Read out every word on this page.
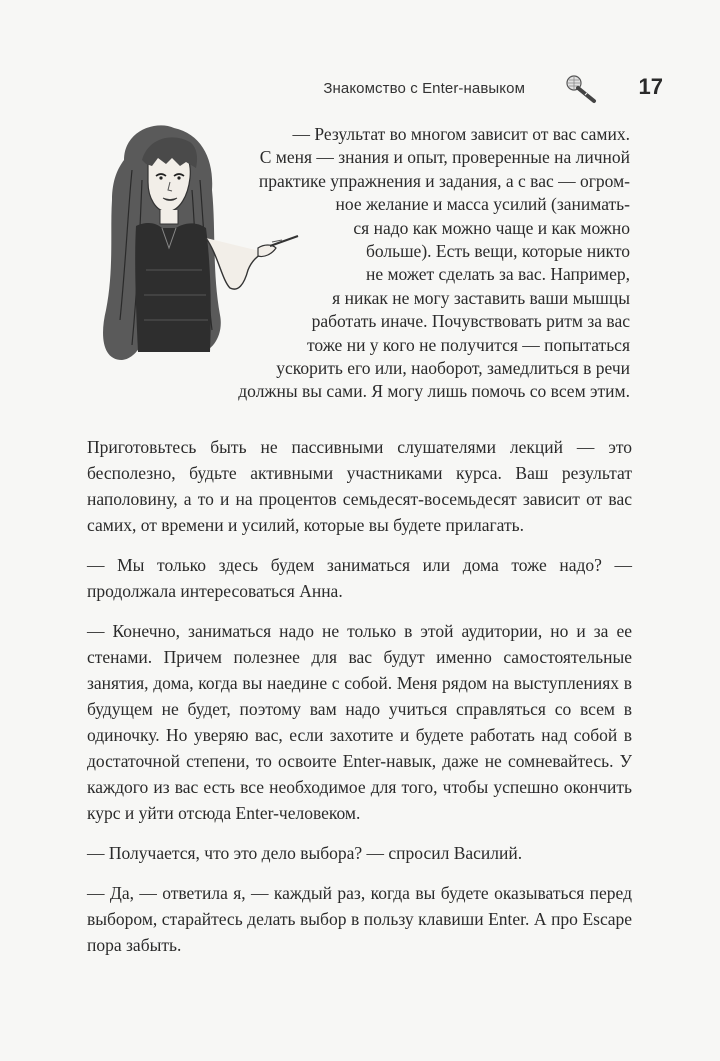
Знакомство с Enter-навыком	17
— Результат во многом зависит от вас самих.
С меня — знания и опыт, проверенные на личной
практике упражнения и задания, а с вас — огром-
ное желание и масса усилий (занимать-
ся надо как можно чаще и как можно
больше). Есть вещи, которые никто
не может сделать за вас. Например,
я никак не могу заставить ваши мышцы
работать иначе. Почувствовать ритм за вас
тоже ни у кого не получится — попытаться
ускорить его или, наоборот, замедлиться в речи
должны вы сами. Я могу лишь помочь со всем этим.

Приготовьтесь быть не пассивными слушателями лекций — это бесполезно, будьте активными участниками курса. Ваш результат наполовину, а то и на процентов семьдесят-восемьдесят зависит от вас самих, от времени и усилий, которые вы будете прилагать.

— Мы только здесь будем заниматься или дома тоже надо? — продолжала интересоваться Анна.

— Конечно, заниматься надо не только в этой аудитории, но и за ее стенами. Причем полезнее для вас будут именно самостоятельные занятия, дома, когда вы наедине с собой. Меня рядом на выступлениях в будущем не будет, поэтому вам надо учиться справляться со всем в одиночку. Но уверяю вас, если захотите и будете работать над собой в достаточной степени, то освоите Enter-навык, даже не сомневайтесь. У каждого из вас есть все необходимое для того, чтобы успешно окончить курс и уйти отсюда Enter-человеком.

— Получается, что это дело выбора? — спросил Василий.

— Да, — ответила я, — каждый раз, когда вы будете оказываться перед выбором, старайтесь делать выбор в пользу клавиши Enter. А про Escape пора забыть.
